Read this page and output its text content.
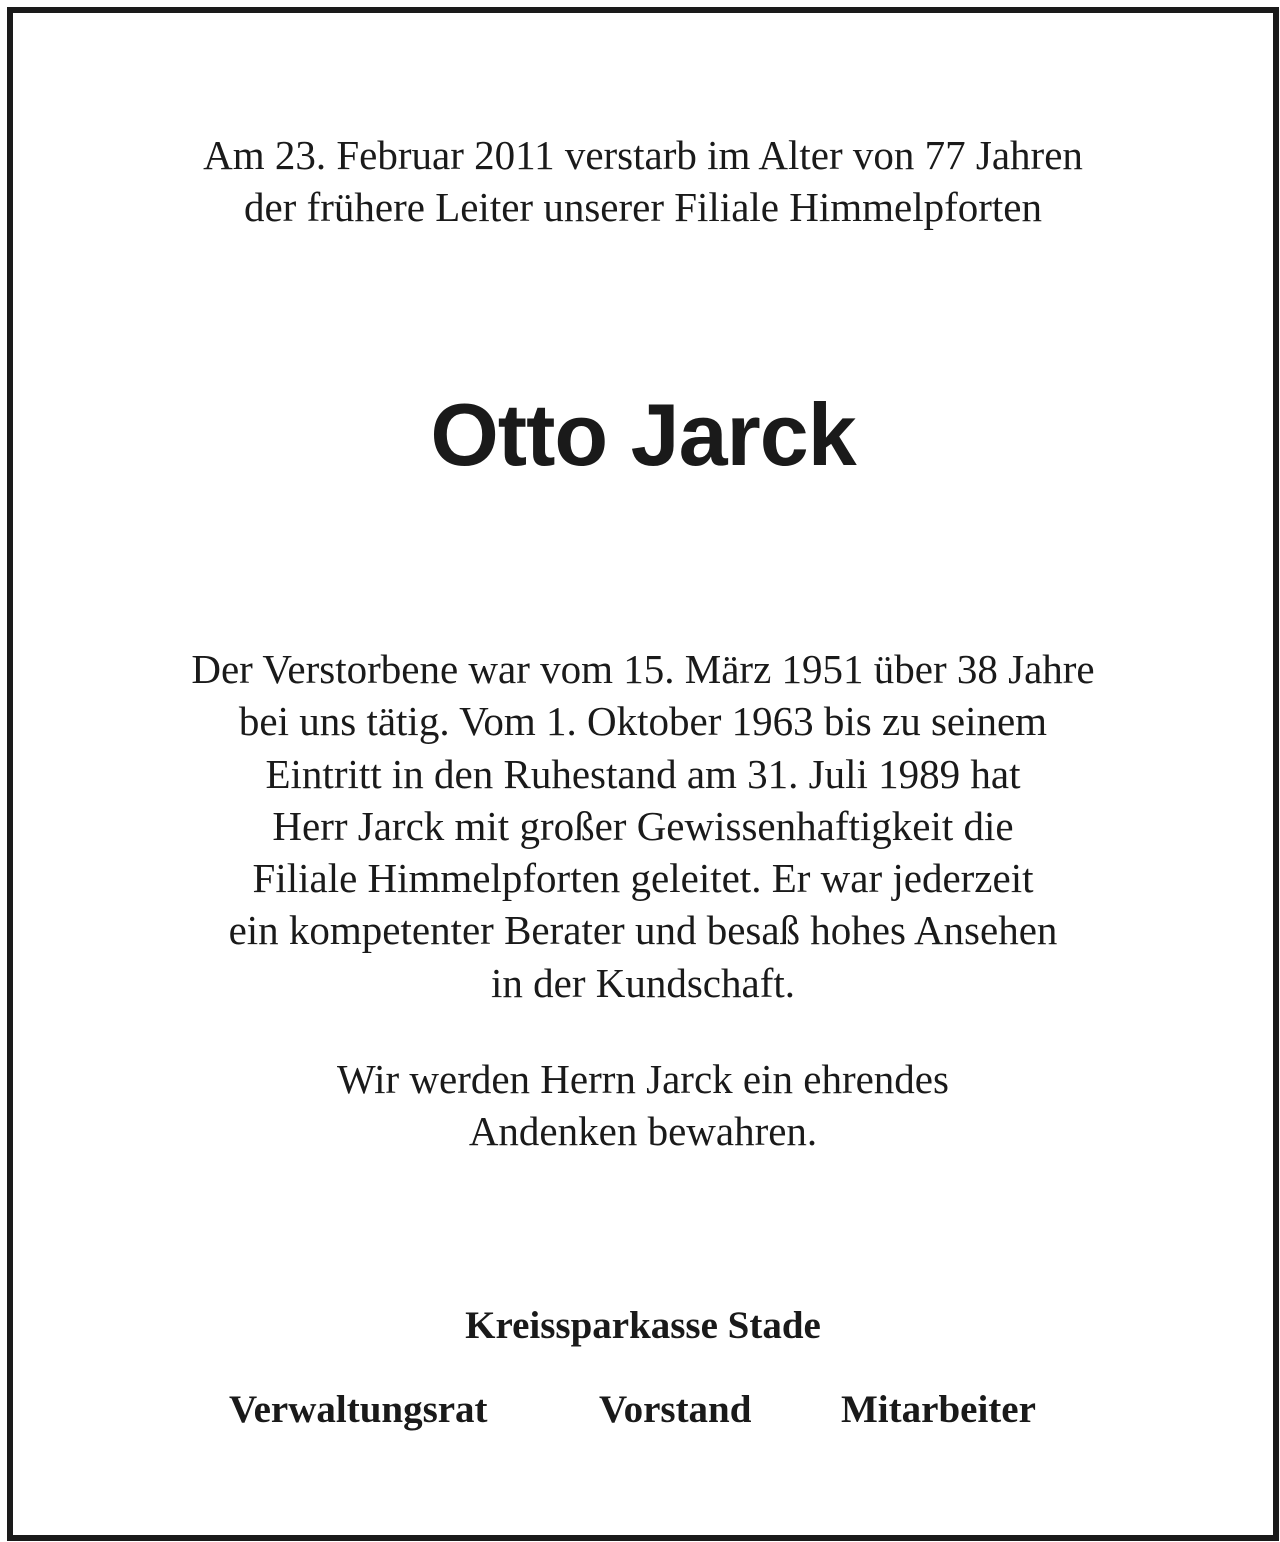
Am 23. Februar 2011 verstarb im Alter von 77 Jahren
der frühere Leiter unserer Filiale Himmelpforten
Otto Jarck
Der Verstorbene war vom 15. März 1951 über 38 Jahre
bei uns tätig. Vom 1. Oktober 1963 bis zu seinem
Eintritt in den Ruhestand am 31. Juli 1989 hat
Herr Jarck mit großer Gewissenhaftigkeit die
Filiale Himmelpforten geleitet. Er war jederzeit
ein kompetenter Berater und besaß hohes Ansehen
in der Kundschaft.
Wir werden Herrn Jarck ein ehrendes
Andenken bewahren.
Kreissparkasse Stade
Verwaltungsrat	Vorstand Mitarbeiter
